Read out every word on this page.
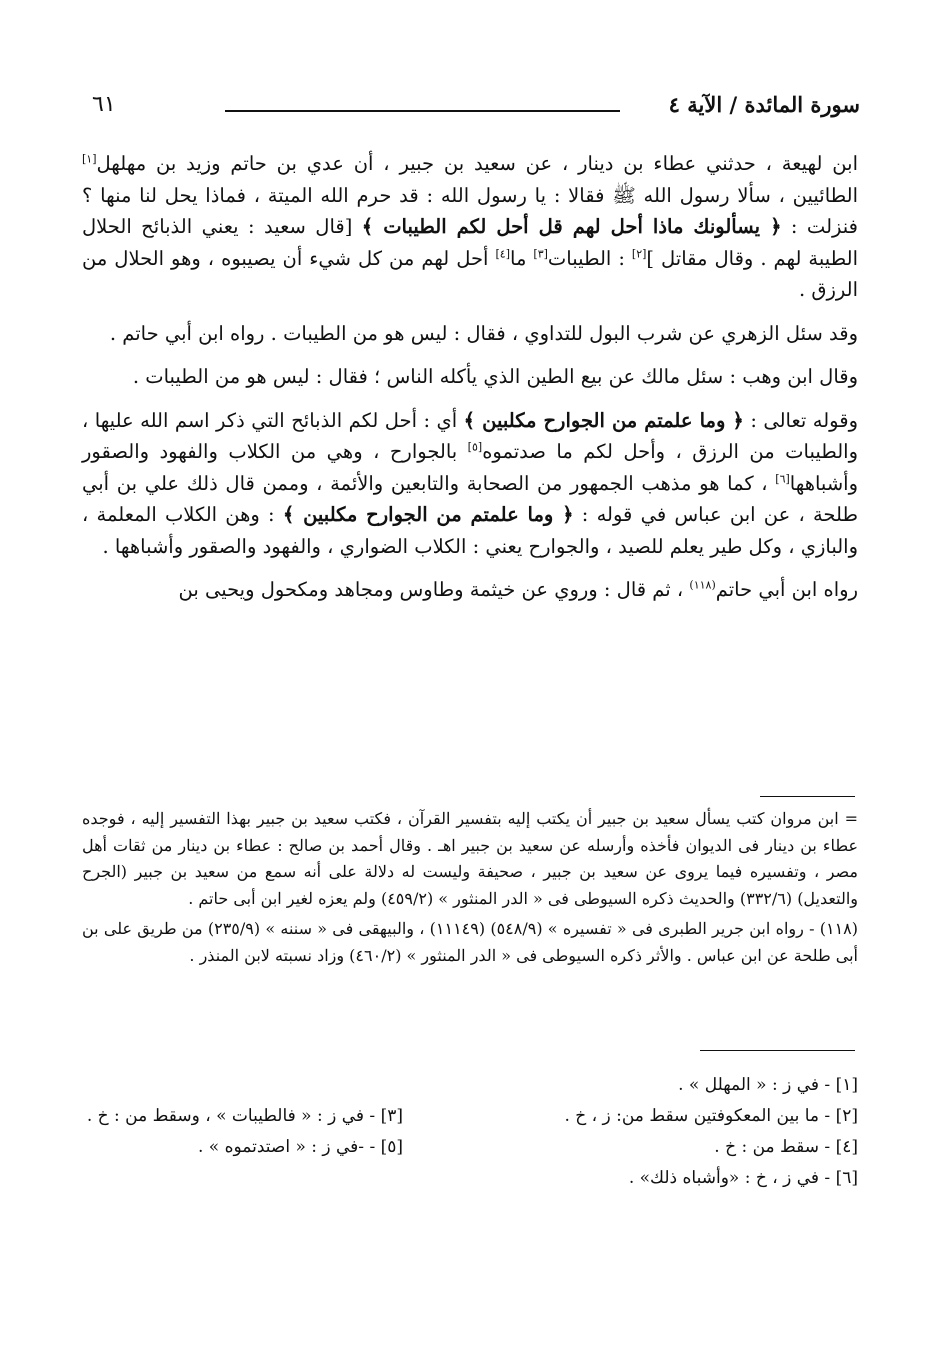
٦١	سورة المائدة / الآية ٤

ابن لهيعة ، حدثني عطاء بن دينار ، عن سعيد بن جبير ، أن عدي بن حاتم وزيد بن مهلهل[١] الطائيين ، سألا رسول الله ﷺ فقالا : يا رسول الله : قد حرم الله الميتة ، فماذا يحل لنا منها ؟ فنزلت : ﴿ يسألونك ماذا أحل لهم قل أحل لكم الطيبات ﴾ [قال سعيد : يعني الذبائح الحلال الطيبة لهم . وقال مقاتل ][٢] : الطيبات[٣] ما[٤] أحل لهم من كل شيء أن يصيبوه ، وهو الحلال من الرزق .

وقد سئل الزهري عن شرب البول للتداوي ، فقال : ليس هو من الطيبات . رواه ابن أبي حاتم .

وقال ابن وهب : سئل مالك عن بيع الطين الذي يأكله الناس ؛ فقال : ليس هو من الطيبات .

وقوله تعالى : ﴿ وما علمتم من الجوارح مكلبين ﴾ أي : أحل لكم الذبائح التي ذكر اسم الله عليها ، والطيبات من الرزق ، وأحل لكم ما صدتموه[٥] بالجوارح ، وهي من الكلاب والفهود والصقور وأشباهها[٦] ، كما هو مذهب الجمهور من الصحابة والتابعين والأئمة ، وممن قال ذلك علي بن أبي طلحة ، عن ابن عباس في قوله : ﴿ وما علمتم من الجوارح مكلبين ﴾ : وهن الكلاب المعلمة ، والبازي ، وكل طير يعلم للصيد ، والجوارح يعني : الكلاب الضواري ، والفهود والصقور وأشباهها .

رواه ابن أبي حاتم$^{(١١٨)}$ ، ثم قال : وروي عن خيثمة وطاوس ومجاهد ومكحول ويحيى بن

= ابن مروان كتب يسأل سعيد بن جبير أن يكتب إليه بتفسير القرآن ، فكتب سعيد بن جبير بهذا التفسير إليه ، فوجده عطاء بن دينار فى الديوان فأخذه وأرسله عن سعيد بن جبير اهـ . وقال أحمد بن صالح : عطاء بن دينار من ثقات أهل مصر ، وتفسيره فيما يروى عن سعيد بن جبير ، صحيفة وليست له دلالة على أنه سمع من سعيد بن جبير (الجرح والتعديل) (٣٣٢/٦) والحديث ذكره السيوطى فى « الدر المنثور » (٤٥٩/٢) ولم يعزه لغير ابن أبى حاتم .

(١١٨) - رواه ابن جرير الطبرى فى « تفسيره » (٥٤٨/٩) (١١١٤٩) ، والبيهقى فى « سننه » (٢٣٥/٩) من طريق على بن أبى طلحة عن ابن عباس . والأثر ذكره السيوطى فى « الدر المنثور » (٤٦٠/٢) وزاد نسبته لابن المنذر .

[١] - في ز : « المهلل » .
[٢] - ما بين المعكوفتين سقط من: ز ، خ .
[٣] - في ز : « فالطيبات » ، وسقط من : خ .
[٤] - سقط من : خ .
[٥] - -في ز : « اصتدتموه » .
[٦] - في ز ، خ : «وأشباه ذلك» .
